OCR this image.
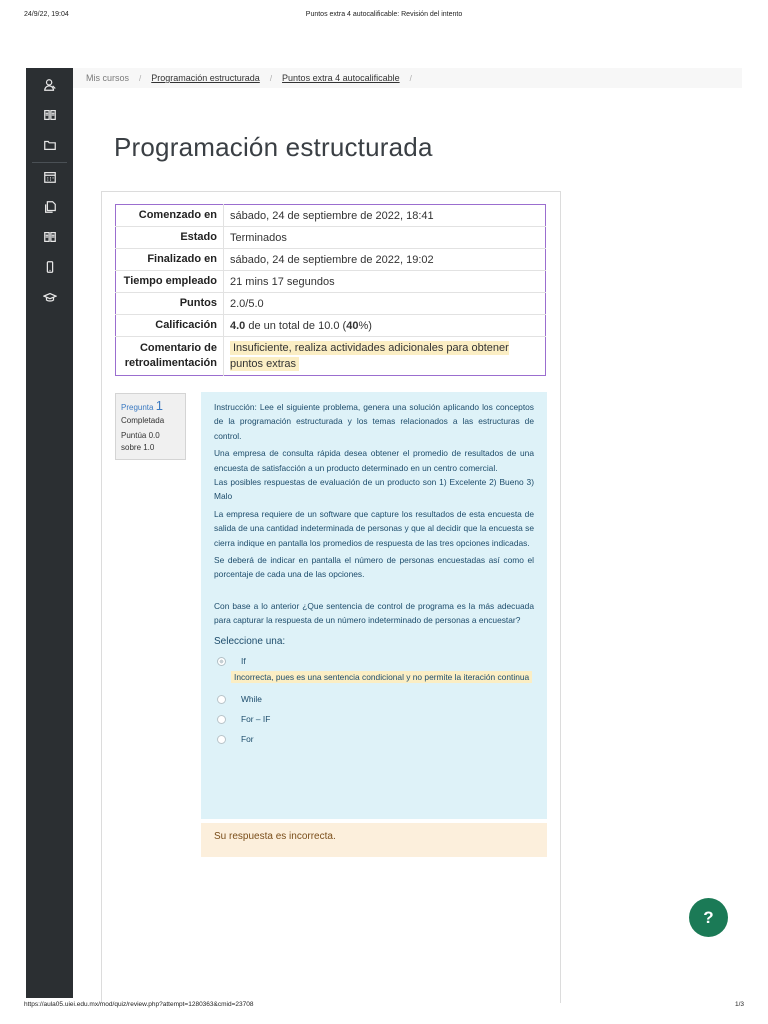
24/9/22, 19:04	Puntos extra 4 autocalificable: Revisión del intento
Mis cursos / Programación estructurada / Puntos extra 4 autocalificable /
Programación estructurada
Comenzado en	sábado, 24 de septiembre de 2022, 18:41
Estado	Terminados
Finalizado en	sábado, 24 de septiembre de 2022, 19:02
Tiempo empleado	21 mins 17 segundos
Puntos	2.0/5.0
Calificación	4.0 de un total de 10.0 (40%)
Comentario de retroalimentación	Insuficiente, realiza actividades adicionales para obtener puntos extras
Pregunta 1
Completada
Puntúa 0.0 sobre 1.0

Instrucción: Lee el siguiente problema, genera una solución aplicando los conceptos de la programación estructurada y los temas relacionados a las estructuras de control.

Una empresa de consulta rápida desea obtener el promedio de resultados de una encuesta de satisfacción a un producto determinado en un centro comercial.

Las posibles respuestas de evaluación de un producto son 1) Excelente 2) Bueno 3) Malo

La empresa requiere de un software que capture los resultados de esta encuesta de salida de una cantidad indeterminada de personas y que al decidir que la encuesta se cierra indique en pantalla los promedios de respuesta de las tres opciones indicadas.

Se deberá de indicar en pantalla el número de personas encuestadas así como el porcentaje de cada una de las opciones.

Con base a lo anterior ¿Que sentencia de control de programa es la más adecuada para capturar la respuesta de un número indeterminado de personas a encuestar?

Seleccione una:
If
Incorrecta, pues es una sentencia condicional y no permite la iteración continua
While
For – IF
For
Su respuesta es incorrecta.
?
https://aula05.uiei.edu.mx/mod/quiz/review.php?attempt=1280363&cmid=23708	1/3
